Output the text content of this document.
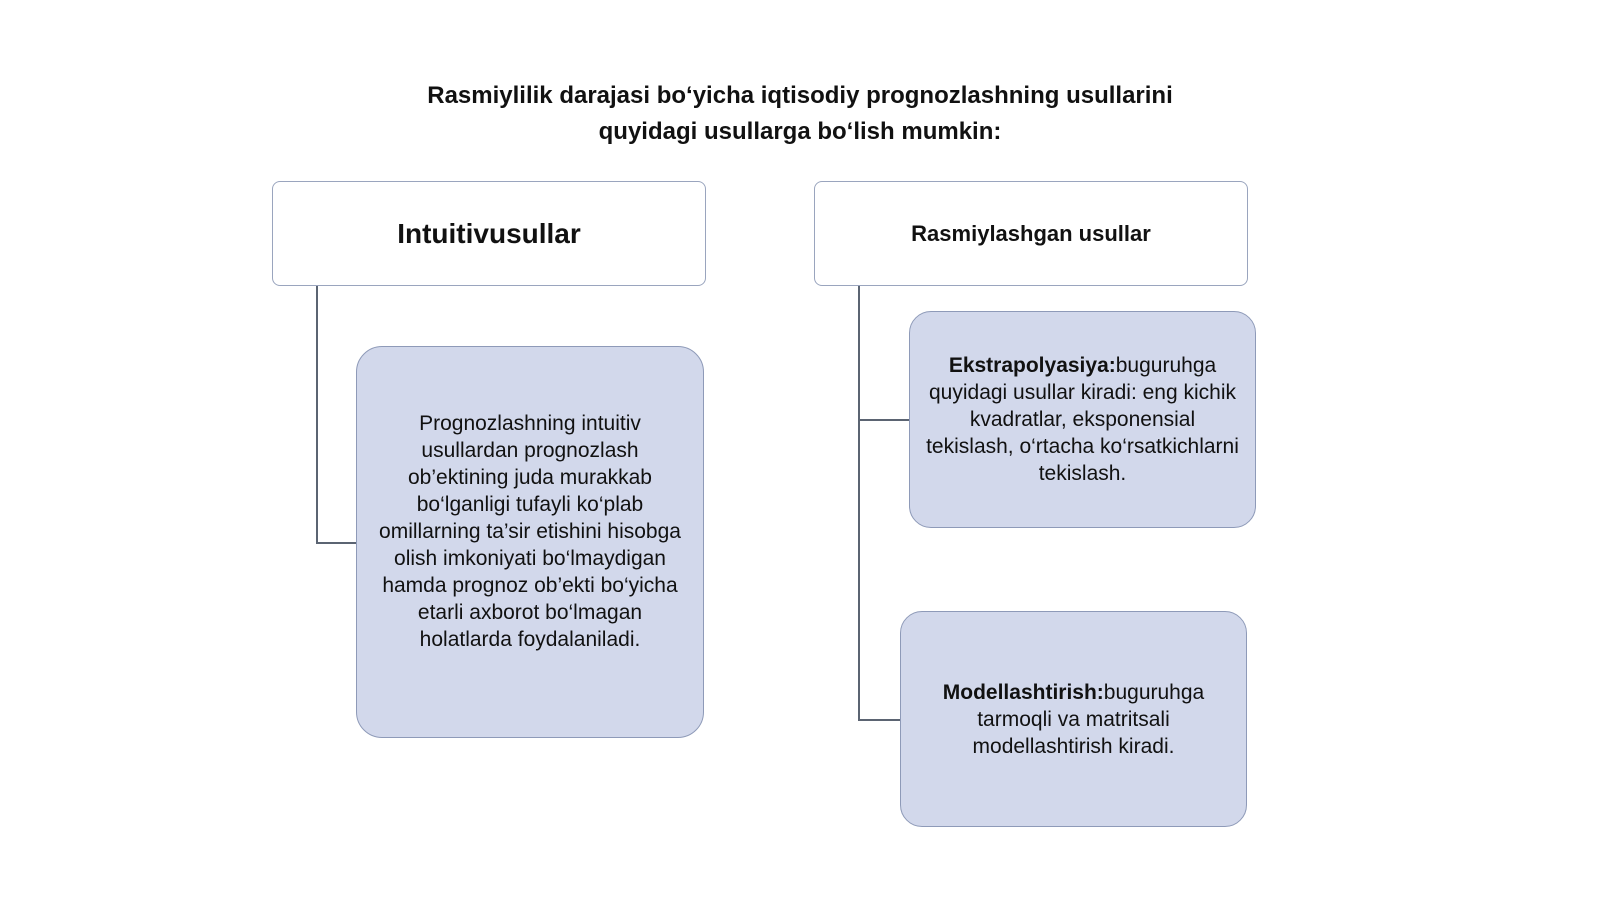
Rasmiylilik darajasi bo‘yicha iqtisodiy prognozlashning usullarini
quyidagi usullarga bo‘lish mumkin:
Intuitivusullar

Prognozlashning intuitiv usullardan prognozlash ob’ektining juda murakkab bo‘lganligi tufayli ko‘plab omillarning ta’sir etishini hisobga olish imkoniyati bo‘lmaydigan hamda prognoz ob’ekti bo‘yicha etarli axborot bo‘lmagan holatlarda foydalaniladi.

Rasmiylashgan usullar

Ekstrapolyasiya:buguruhga quyidagi usullar kiradi: eng kichik kvadratlar, eksponensial tekislash, o‘rtacha ko‘rsatkichlarni tekislash.

Modellashtirish:buguruhga tarmoqli va matritsali modellashtirish kiradi.
